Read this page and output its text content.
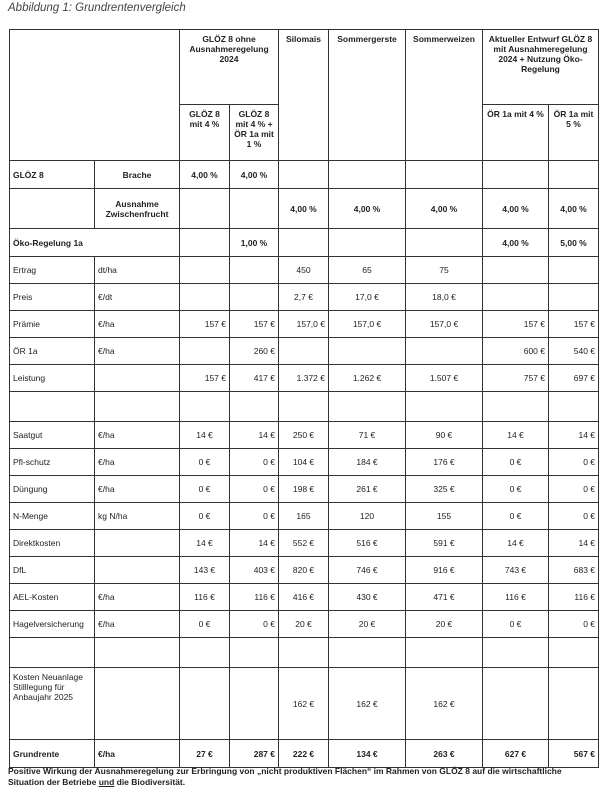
Abbildung 1: Grundrentenvergleich
		GLÖZ 8 ohne Ausnahmeregelung 2024		Silomais	Sommergerste	Sommerweizen	Aktueller Entwurf GLÖZ 8 mit Ausnahmeregelung 2024 + Nutzung Öko-Regelung	
		GLÖZ 8 mit 4 %	GLÖZ 8 mit 4 % + ÖR 1a mit 1 %				ÖR 1a mit 4 %	ÖR 1a mit 5 %
GLÖZ 8	Brache	4,00 %	4,00 %					
	Ausnahme Zwischenfrucht			4,00 %	4,00 %	4,00 %	4,00 %	4,00 %
Öko-Regelung 1a			1,00 %				4,00 %	5,00 %
Ertrag	dt/ha			450	65	75		
Preis	€/dt			2,7 €	17,0 €	18,0 €		
Prämie	€/ha	157 €	157 €	157,0 €	157,0 €	157,0 €	157 €	157 €
ÖR 1a	€/ha		260 €				600 €	540 €
Leistung		157 €	417 €	1.372 €	1.262 €	1.507 €	757 €	697 €

Saatgut	€/ha	14 €	14 €	250 €	71 €	90 €	14 €	14 €
Pfl-schutz	€/ha	0 €	0 €	104 €	184 €	176 €	0 €	0 €
Düngung	€/ha	0 €	0 €	198 €	261 €	325 €	0 €	0 €
N-Menge	kg N/ha	0 €	0 €	165	120	155	0 €	0 €
Direktkosten		14 €	14 €	552 €	516 €	591 €	14 €	14 €
DfL		143 €	403 €	820 €	746 €	916 €	743 €	683 €
AEL-Kosten	€/ha	116 €	116 €	416 €	430 €	471 €	116 €	116 €
Hagelversicherung	€/ha	0 €	0 €	20 €	20 €	20 €	0 €	0 €

Kosten Neuanlage Stilllegung für Anbaujahr 2025				162 €	162 €	162 €		
Grundrente	€/ha	27 €	287 €	222 €	134 €	263 €	627 €	567 €
Positive Wirkung der Ausnahmeregelung zur Erbringung von „nicht produktiven Flächen“ im Rahmen von GLÖZ 8 auf die wirtschaftliche Situation der Betriebe und die Biodiversität.
